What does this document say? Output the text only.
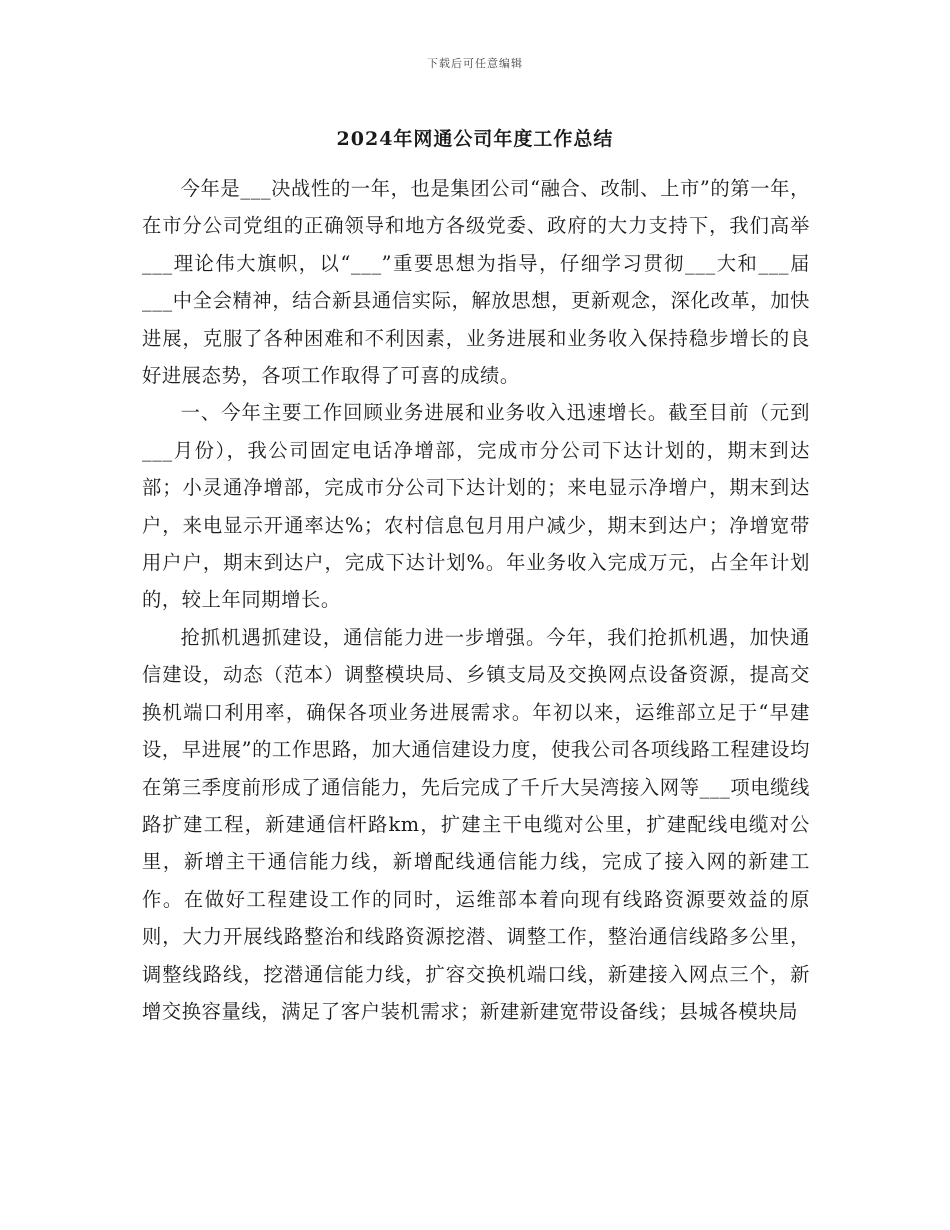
下载后可任意编辑
2024年网通公司年度工作总结

今年是___决战性的一年，也是集团公司“融合、改制、上市”的第一年，在市分公司党组的正确领导和地方各级党委、政府的大力支持下，我们高举___理论伟大旗帜，以“___”重要思想为指导，仔细学习贯彻___大和___届___中全会精神，结合新县通信实际，解放思想，更新观念，深化改革，加快进展，克服了各种困难和不利因素，业务进展和业务收入保持稳步增长的良好进展态势，各项工作取得了可喜的成绩。

一、今年主要工作回顾业务进展和业务收入迅速增长。截至目前（元到___月份），我公司固定电话净增部，完成市分公司下达计划的，期末到达部；小灵通净增部，完成市分公司下达计划的；来电显示净增户，期末到达户，来电显示开通率达%；农村信息包月用户减少，期末到达户；净增宽带用户户，期末到达户，完成下达计划%。年业务收入完成万元，占全年计划的，较上年同期增长。

抢抓机遇抓建设，通信能力进一步增强。今年，我们抢抓机遇，加快通信建设，动态（范本）调整模块局、乡镇支局及交换网点设备资源，提高交换机端口利用率，确保各项业务进展需求。年初以来，运维部立足于“早建设，早进展”的工作思路，加大通信建设力度，使我公司各项线路工程建设均在第三季度前形成了通信能力，先后完成了千斤大吴湾接入网等___项电缆线路扩建工程，新建通信杆路km，扩建主干电缆对公里，扩建配线电缆对公里，新增主干通信能力线，新增配线通信能力线，完成了接入网的新建工作。在做好工程建设工作的同时，运维部本着向现有线路资源要效益的原则，大力开展线路整治和线路资源挖潜、调整工作，整治通信线路多公里，调整线路线，挖潜通信能力线，扩容交换机端口线，新建接入网点三个，新增交换容量线，满足了客户装机需求；新建新建宽带设备线；县城各模块局
